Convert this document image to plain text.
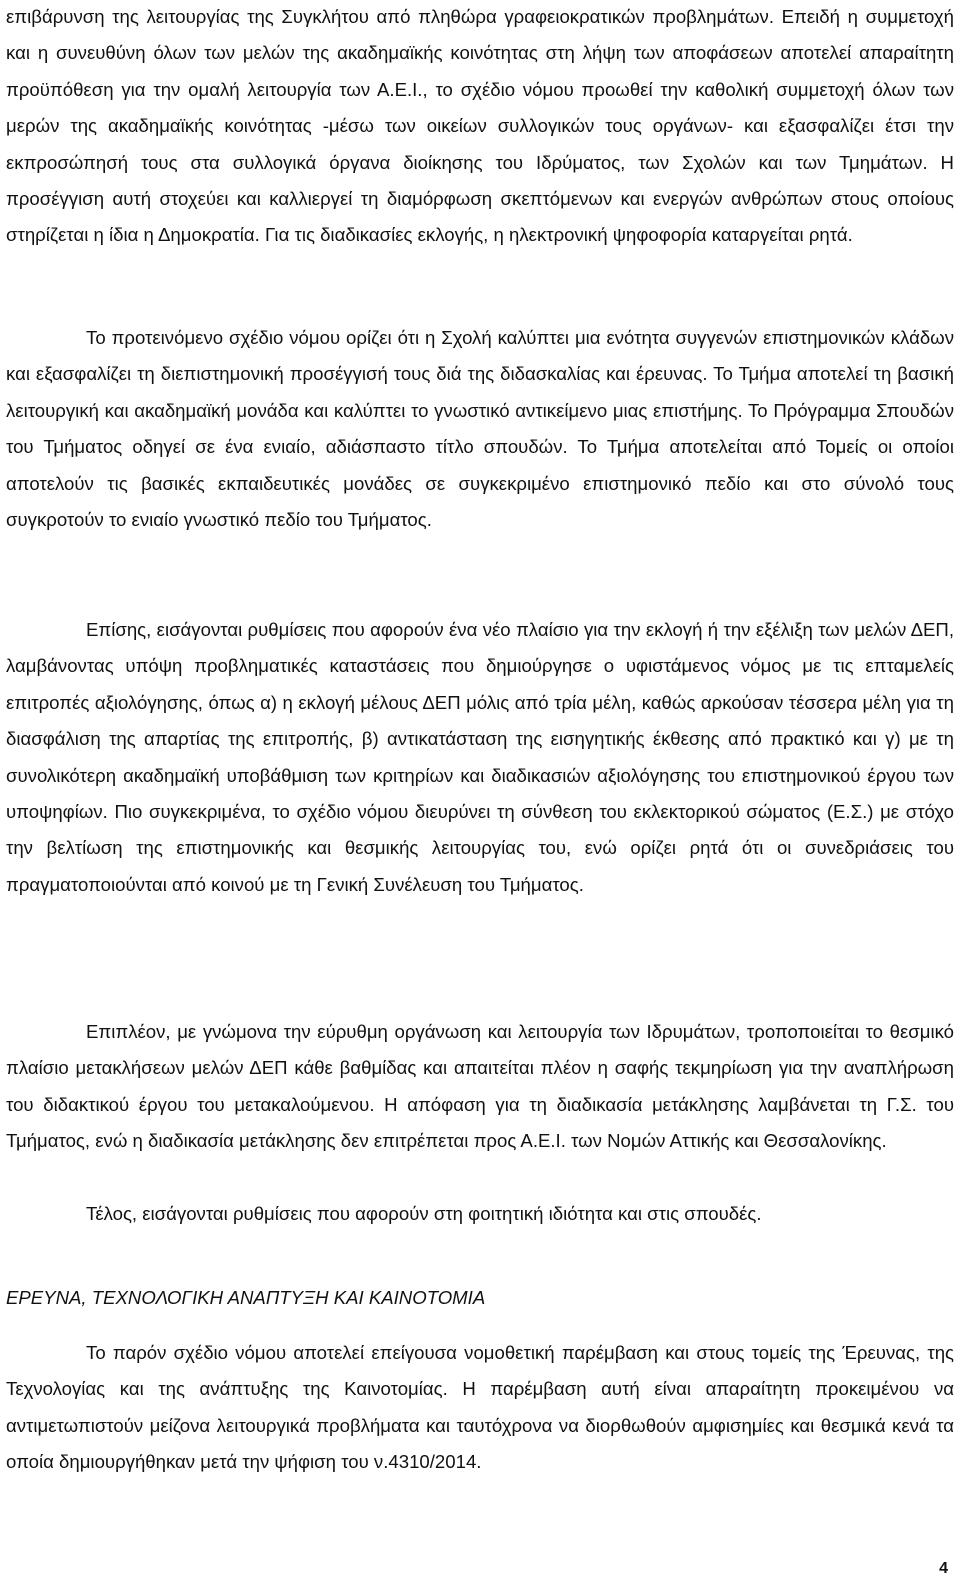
επιβάρυνση της λειτουργίας της Συγκλήτου από πληθώρα γραφειοκρατικών προβλημάτων. Επειδή η συμμετοχή και η συνευθύνη όλων των μελών της ακαδημαϊκής κοινότητας στη λήψη των αποφάσεων αποτελεί απαραίτητη προϋπόθεση για την ομαλή λειτουργία των Α.Ε.Ι., το σχέδιο νόμου προωθεί την καθολική συμμετοχή όλων των μερών της ακαδημαϊκής κοινότητας -μέσω των οικείων συλλογικών τους οργάνων- και εξασφαλίζει έτσι την εκπροσώπησή τους στα συλλογικά όργανα διοίκησης του Ιδρύματος, των Σχολών και των Τμημάτων. Η προσέγγιση αυτή στοχεύει και καλλιεργεί τη διαμόρφωση σκεπτόμενων και ενεργών ανθρώπων στους οποίους στηρίζεται η ίδια η Δημοκρατία. Για τις διαδικασίες εκλογής, η ηλεκτρονική ψηφοφορία καταργείται ρητά.

Το προτεινόμενο σχέδιο νόμου ορίζει ότι η Σχολή καλύπτει μια ενότητα συγγενών επιστημονικών κλάδων και εξασφαλίζει τη διεπιστημονική προσέγγισή τους διά της διδασκαλίας και έρευνας. Το Τμήμα αποτελεί τη βασική λειτουργική και ακαδημαϊκή μονάδα και καλύπτει το γνωστικό αντικείμενο μιας επιστήμης. Το Πρόγραμμα Σπουδών του Τμήματος οδηγεί σε ένα ενιαίο, αδιάσπαστο τίτλο σπουδών. Το Τμήμα αποτελείται από Τομείς οι οποίοι αποτελούν τις βασικές εκπαιδευτικές μονάδες σε συγκεκριμένο επιστημονικό πεδίο και στο σύνολό τους συγκροτούν το ενιαίο γνωστικό πεδίο του Τμήματος.

Επίσης, εισάγονται ρυθμίσεις που αφορούν ένα νέο πλαίσιο για την εκλογή ή την εξέλιξη των μελών ΔΕΠ, λαμβάνοντας υπόψη προβληματικές καταστάσεις που δημιούργησε ο υφιστάμενος νόμος με τις επταμελείς επιτροπές αξιολόγησης, όπως α) η εκλογή μέλους ΔΕΠ μόλις από τρία μέλη, καθώς αρκούσαν τέσσερα μέλη για τη διασφάλιση της απαρτίας της επιτροπής, β) αντικατάσταση της εισηγητικής έκθεσης από πρακτικό και γ) με τη συνολικότερη ακαδημαϊκή υποβάθμιση των κριτηρίων και διαδικασιών αξιολόγησης του επιστημονικού έργου των υποψηφίων. Πιο συγκεκριμένα, το σχέδιο νόμου διευρύνει τη σύνθεση του εκλεκτορικού σώματος (Ε.Σ.) με στόχο την βελτίωση της επιστημονικής και θεσμικής λειτουργίας του, ενώ ορίζει ρητά ότι οι συνεδριάσεις του πραγματοποιούνται από κοινού με τη Γενική Συνέλευση του Τμήματος.

Επιπλέον, με γνώμονα την εύρυθμη οργάνωση και λειτουργία των Ιδρυμάτων, τροποποιείται το θεσμικό πλαίσιο μετακλήσεων μελών ΔΕΠ κάθε βαθμίδας και απαιτείται πλέον η σαφής τεκμηρίωση για την αναπλήρωση του διδακτικού έργου του μετακαλούμενου. Η απόφαση για τη διαδικασία μετάκλησης λαμβάνεται τη Γ.Σ. του Τμήματος, ενώ η διαδικασία μετάκλησης δεν επιτρέπεται προς Α.Ε.Ι. των Νομών Αττικής και Θεσσαλονίκης.

Τέλος, εισάγονται ρυθμίσεις που αφορούν στη φοιτητική ιδιότητα και στις σπουδές.

ΕΡΕΥΝΑ, ΤΕΧΝΟΛΟΓΙΚΗ ΑΝΑΠΤΥΞΗ ΚΑΙ ΚΑΙΝΟΤΟΜΙΑ

Το παρόν σχέδιο νόμου αποτελεί επείγουσα νομοθετική παρέμβαση και στους τομείς της Έρευνας, της Τεχνολογίας και της ανάπτυξης της Καινοτομίας. Η παρέμβαση αυτή είναι απαραίτητη προκειμένου να αντιμετωπιστούν μείζονα λειτουργικά προβλήματα και ταυτόχρονα να διορθωθούν αμφισημίες και θεσμικά κενά τα οποία δημιουργήθηκαν μετά την ψήφιση του ν.4310/2014.

4
